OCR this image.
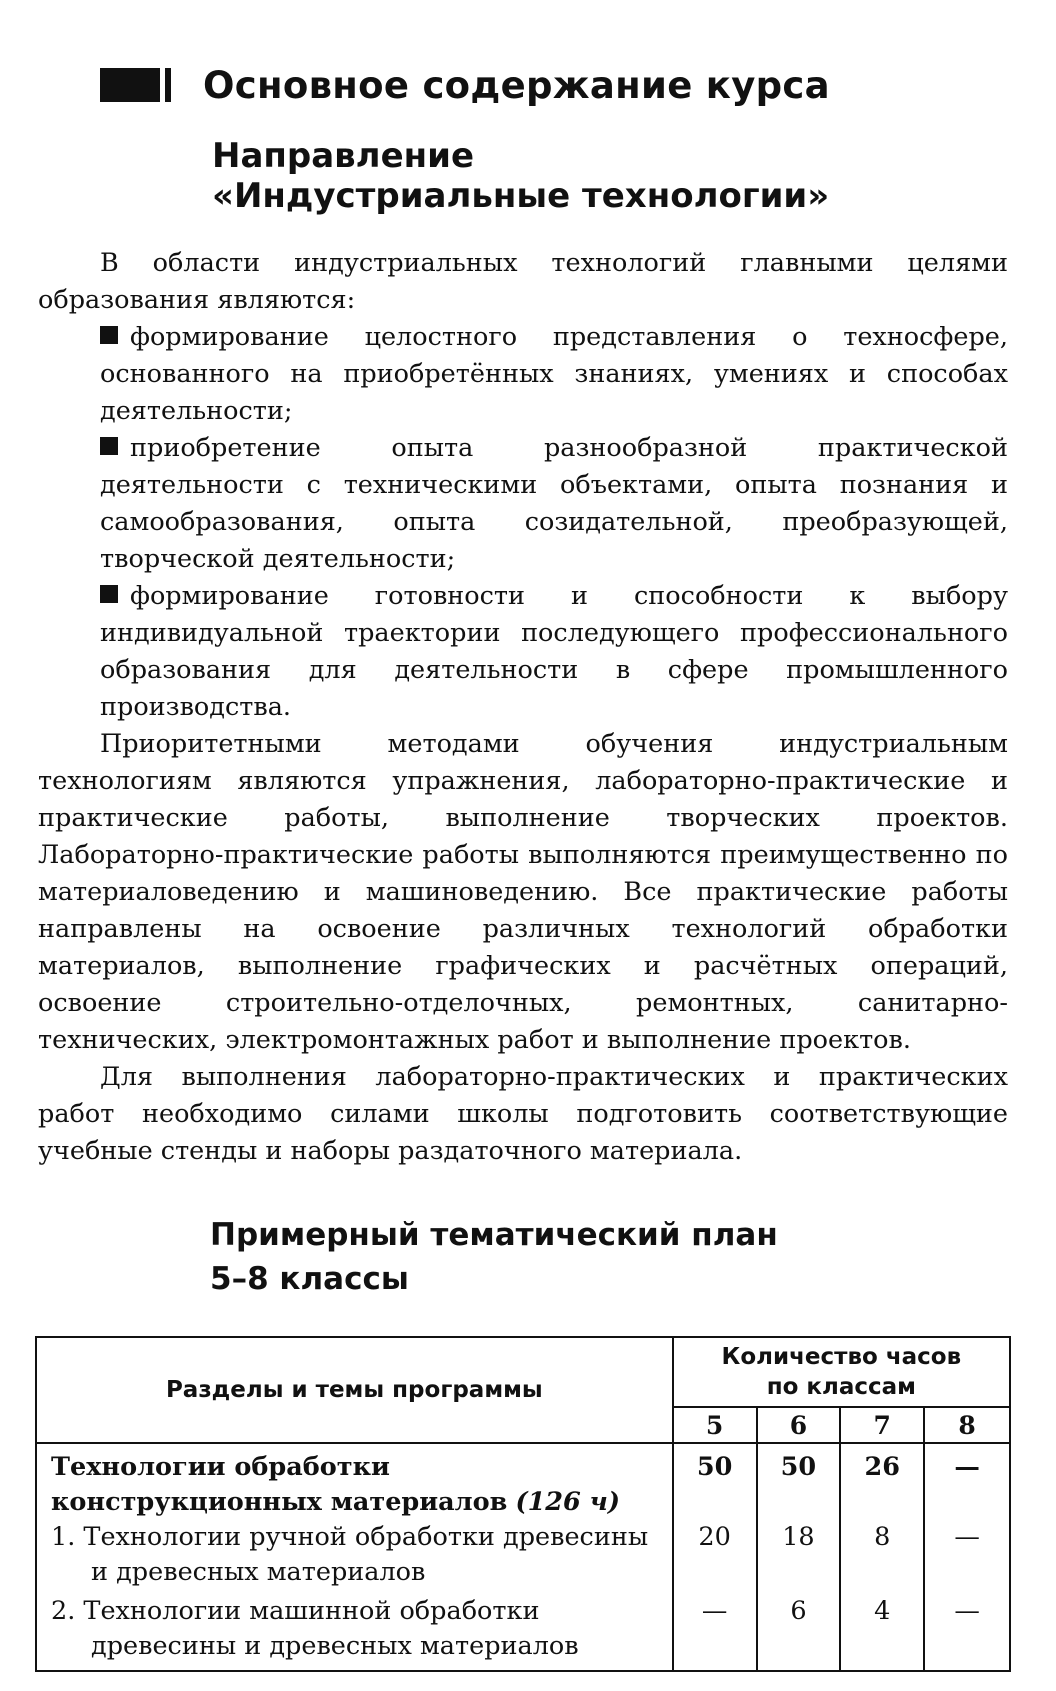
Основное содержание курса
Направление
«Индустриальные технологии»

В области индустриальных технологий главными целями образования являются:

формирование целостного представления о техносфере, основанного на приобретённых знаниях, умениях и способах деятельности;
приобретение опыта разнообразной практической деятельности с техническими объектами, опыта познания и самообразования, опыта созидательной, преобразующей, творческой деятельности;
формирование готовности и способности к выбору индивидуальной траектории последующего профессионального образования для деятельности в сфере промышленного производства.

Приоритетными методами обучения индустриальным технологиям являются упражнения, лабораторно-практические и практические работы, выполнение творческих проектов. Лабораторно-практические работы выполняются преимущественно по материаловедению и машиноведению. Все практические работы направлены на освоение различных технологий обработки материалов, выполнение графических и расчётных операций, освоение строительно-отделочных, ремонтных, санитарно-технических, электромонтажных работ и выполнение проектов.

Для выполнения лабораторно-практических и практических работ необходимо силами школы подготовить соответствующие учебные стенды и наборы раздаточного материала.

Примерный тематический план
5–8 классы
Разделы и темы программы	Количество часов
по классам			

	5	6	7	8
Технологии обработки конструкционных материалов (126 ч)	50	50	26	—

1. Технологии ручной обработки древесины и древесных материалов	20	18	8	—

2. Технологии машинной обработки древесины и древесных материалов	—	6	4	—
